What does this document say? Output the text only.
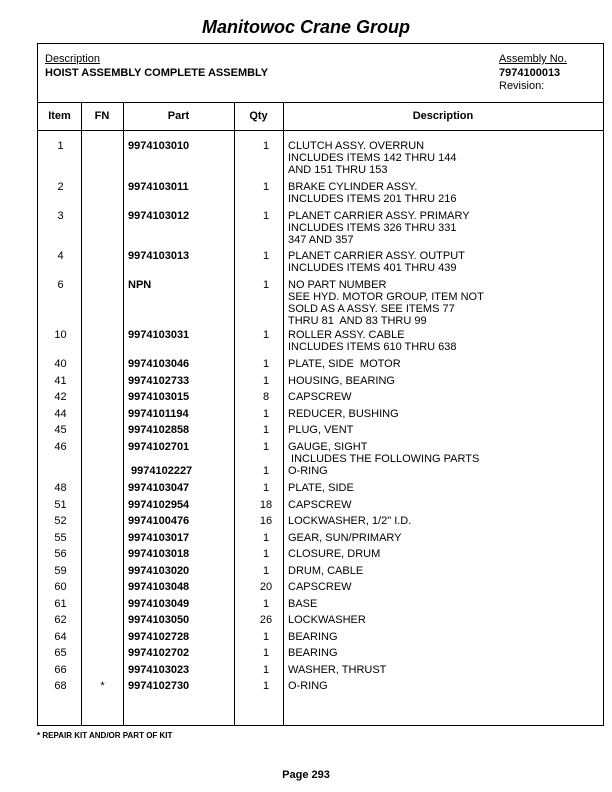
Manitowoc Crane Group
Description
HOIST ASSEMBLY COMPLETE ASSEMBLY
Assembly No.
7974100013
Revision:
Item	FN	Part	Qty	Description
1	9974103010	1	CLUTCH ASSY. OVERRUN
INCLUDES ITEMS 142 THRU 144
AND 151 THRU 153
2	9974103011	1	BRAKE CYLINDER ASSY.
INCLUDES ITEMS 201 THRU 216
3	9974103012	1	PLANET CARRIER ASSY. PRIMARY
INCLUDES ITEMS 326 THRU 331
347 AND 357
4	9974103013	1	PLANET CARRIER ASSY. OUTPUT
INCLUDES ITEMS 401 THRU 439
6	NPN	1	NO PART NUMBER
SEE HYD. MOTOR GROUP, ITEM NOT
SOLD AS A ASSY. SEE ITEMS 77
THRU 81  AND 83 THRU 99
10	9974103031	1	ROLLER ASSY. CABLE
INCLUDES ITEMS 610 THRU 638
40	9974103046	1	PLATE, SIDE  MOTOR
41	9974102733	1	HOUSING, BEARING
42	9974103015	8	CAPSCREW
44	9974101194	1	REDUCER, BUSHING
45	9974102858	1	PLUG, VENT
46	9974102701	1	GAUGE, SIGHT
INCLUDES THE FOLLOWING PARTS
9974102227	1	O-RING
48	9974103047	1	PLATE, SIDE
51	9974102954	18	CAPSCREW
52	9974100476	16	LOCKWASHER, 1/2" I.D.
55	9974103017	1	GEAR, SUN/PRIMARY
56	9974103018	1	CLOSURE, DRUM
59	9974103020	1	DRUM, CABLE
60	9974103048	20	CAPSCREW
61	9974103049	1	BASE
62	9974103050	26	LOCKWASHER
64	9974102728	1	BEARING
65	9974102702	1	BEARING
66	9974103023	1	WASHER, THRUST
68	*	9974102730	1	O-RING
* REPAIR KIT AND/OR PART OF KIT
Page 293
